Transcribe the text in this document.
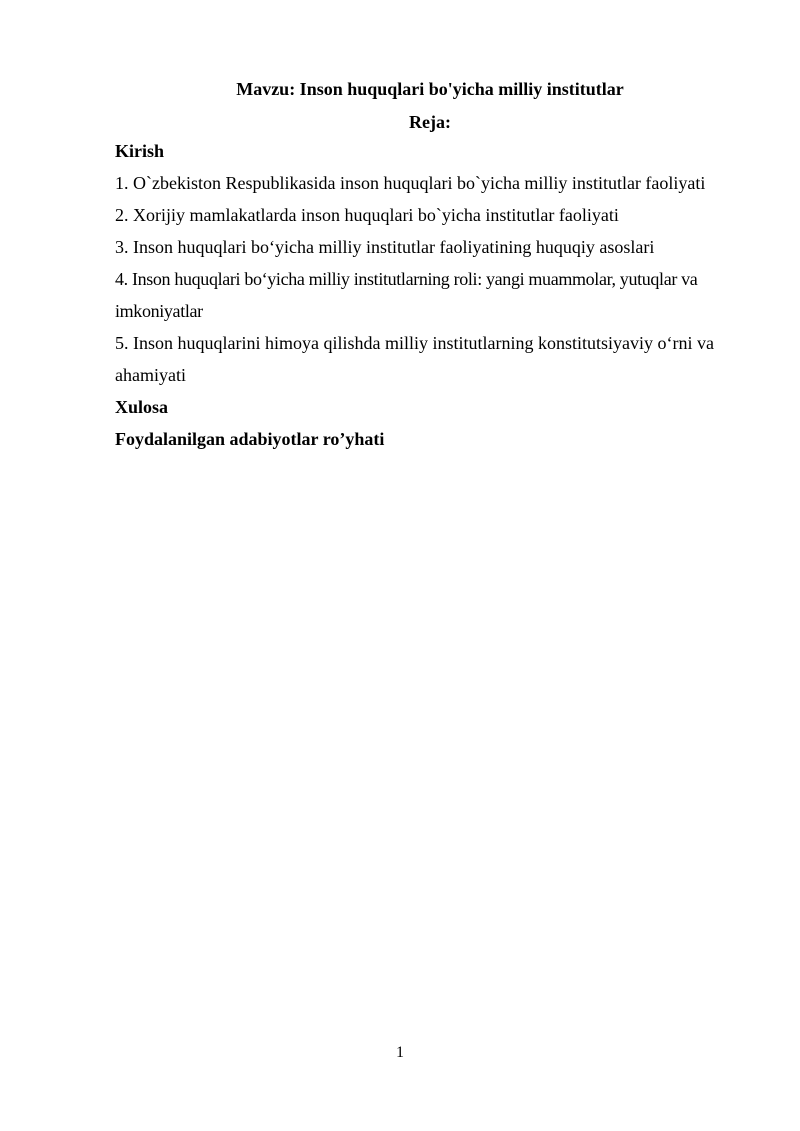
Mavzu: Inson huquqlari bo'yicha milliy institutlar

Reja:

Kirish

1. O`zbekiston Respublikasida inson huquqlari bo`yicha milliy institutlar faoliyati

2. Xorijiy mamlakatlarda inson huquqlari bo`yicha institutlar faoliyati

3. Inson huquqlari bo‘yicha milliy institutlar faoliyatining huquqiy asoslari

4. Inson huquqlari bo‘yicha milliy institutlarning roli: yangi muammolar, yutuqlar va imkoniyatlar

5. Inson huquqlarini himoya qilishda milliy institutlarning konstitutsiyaviy o‘rni va ahamiyati

Xulosa

Foydalanilgan adabiyotlar ro’yhati

1
